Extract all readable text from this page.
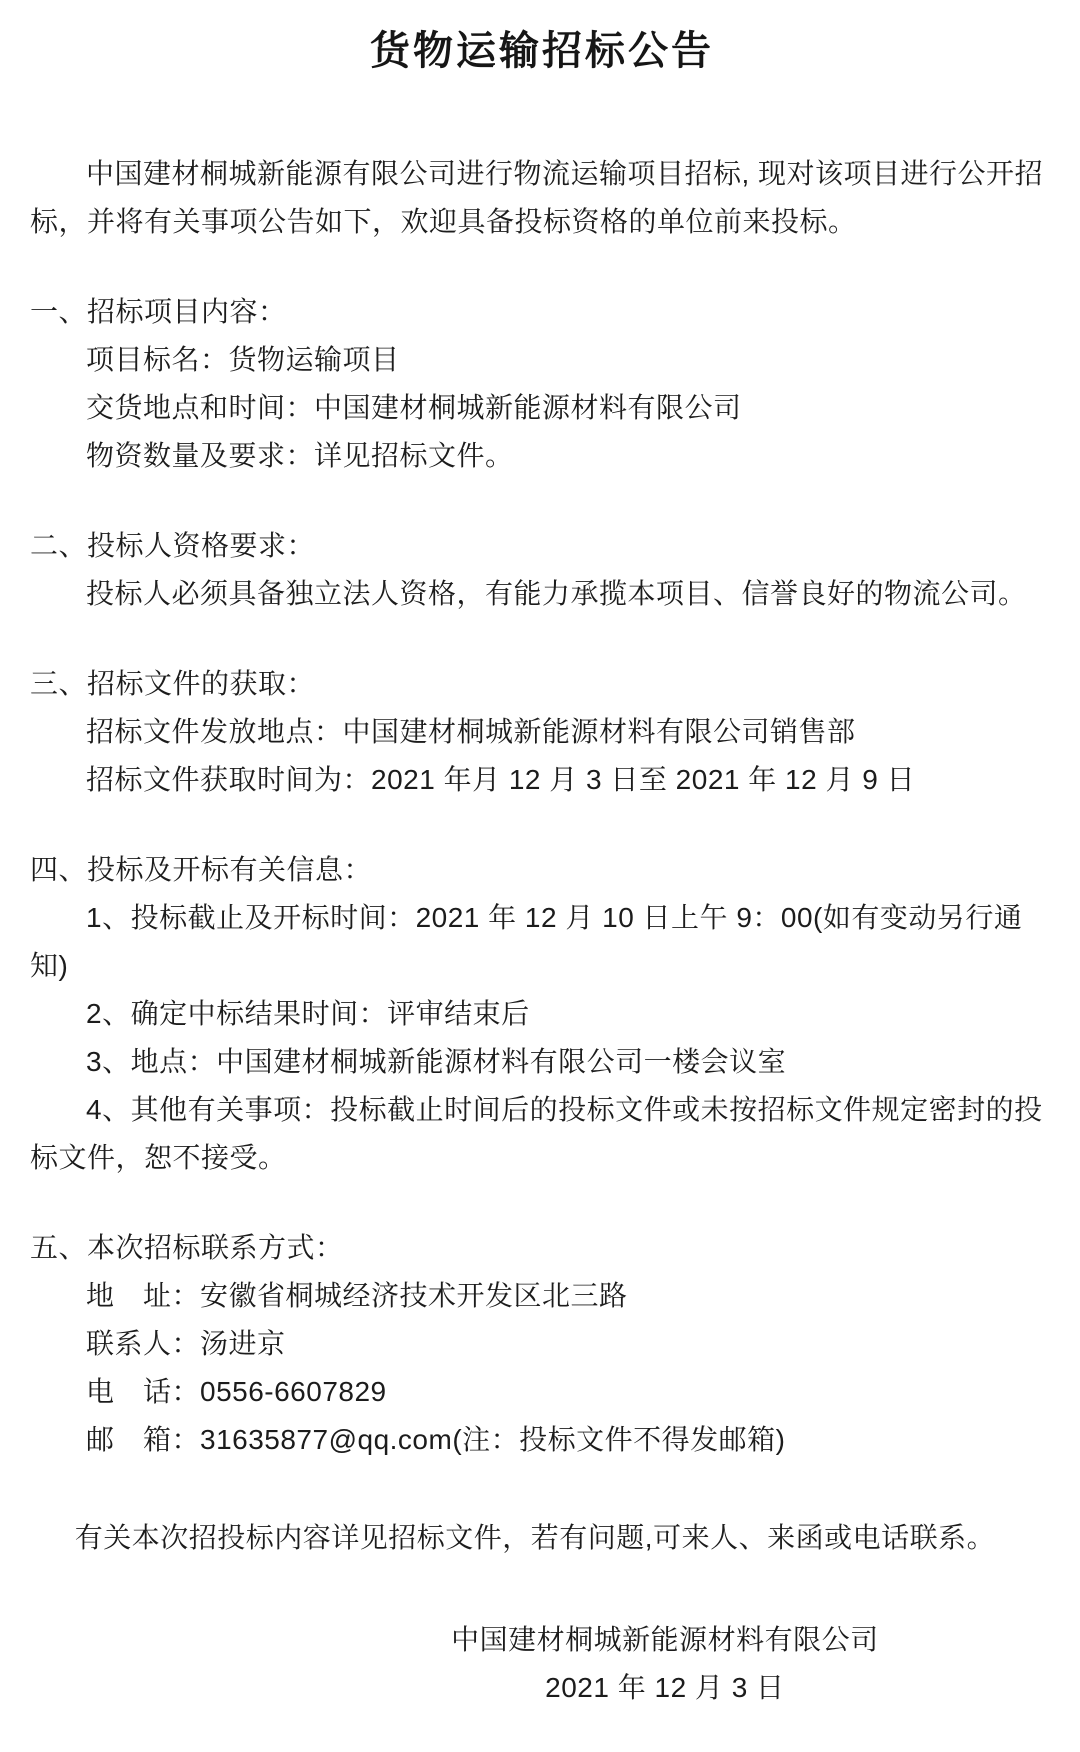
货物运输招标公告

中国建材桐城新能源有限公司进行物流运输项目招标, 现对该项目进行公开招标，并将有关事项公告如下，欢迎具备投标资格的单位前来投标。

一、招标项目内容：

项目标名：货物运输项目

交货地点和时间：中国建材桐城新能源材料有限公司

物资数量及要求：详见招标文件。

二、投标人资格要求：

投标人必须具备独立法人资格，有能力承揽本项目、信誉良好的物流公司。

三、招标文件的获取：

招标文件发放地点：中国建材桐城新能源材料有限公司销售部

招标文件获取时间为：2021 年月 12 月 3 日至 2021 年 12 月 9 日

四、投标及开标有关信息：

1、投标截止及开标时间：2021 年 12 月 10 日上午 9：00(如有变动另行通知)

2、确定中标结果时间：评审结束后

3、地点：中国建材桐城新能源材料有限公司一楼会议室

4、其他有关事项：投标截止时间后的投标文件或未按招标文件规定密封的投标文件，恕不接受。

五、本次招标联系方式：

地　址：安徽省桐城经济技术开发区北三路

联系人：汤进京

电　话：0556-6607829

邮　箱：31635877@qq.com(注：投标文件不得发邮箱)

有关本次招投标内容详见招标文件，若有问题,可来人、来函或电话联系。

中国建材桐城新能源材料有限公司

2021 年 12 月 3 日
